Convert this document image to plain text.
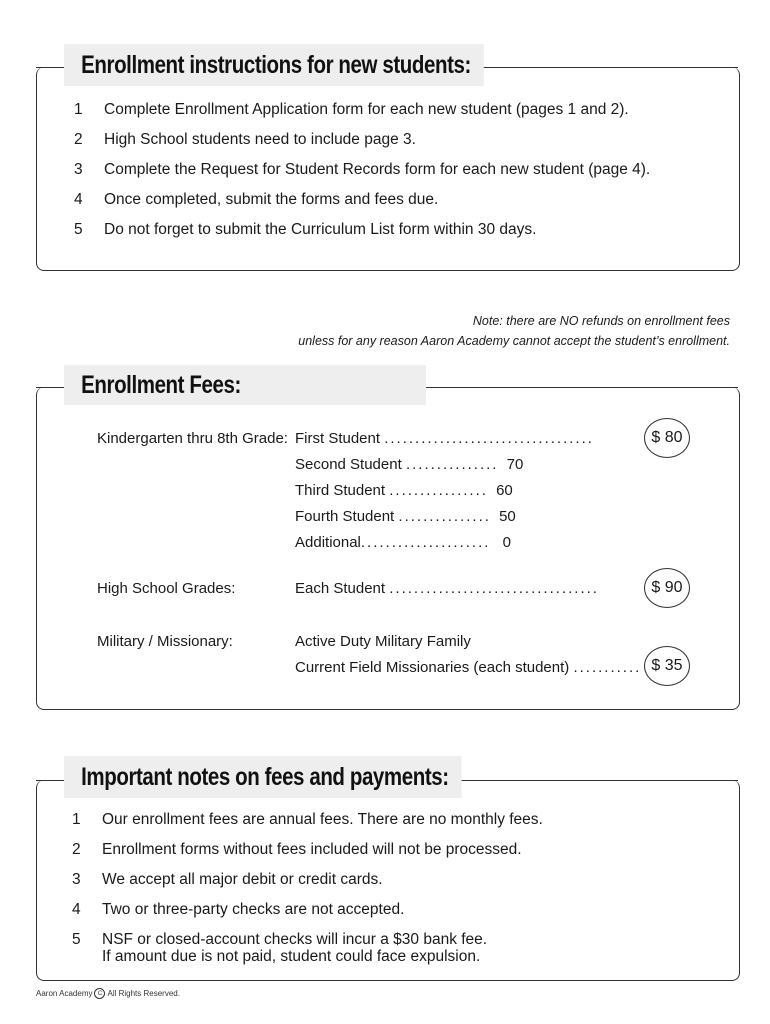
Enrollment instructions for new students:
1 Complete Enrollment Application form for each new student (pages 1 and 2).
2 High School students need to include page 3.
3 Complete the Request for Student Records form for each new student (page 4).
4 Once completed, submit the forms and fees due.
5 Do not forget to submit the Curriculum List form within 30 days.
Note: there are NO refunds on enrollment fees
unless for any reason Aaron Academy cannot accept the student’s enrollment.
Enrollment Fees:
Kindergarten thru 8th Grade: First Student ..................................	$ 80
Second Student ............... 70
Third Student ................ 60
Fourth Student ............... 50
Additional..................... 0
High School Grades:	Each Student ..................................	$ 90
Military / Missionary:	Active Duty Military Family
Current Field Missionaries (each student) ........... $ 35
Important notes on fees and payments:
1 Our enrollment fees are annual fees. There are no monthly fees.
2 Enrollment forms without fees included will not be processed.
3 We accept all major debit or credit cards.
4 Two or three-party checks are not accepted.
5 NSF or closed-account checks will incur a $30 bank fee.
If amount due is not paid, student could face expulsion.
Aaron Academy C All Rights Reserved.
